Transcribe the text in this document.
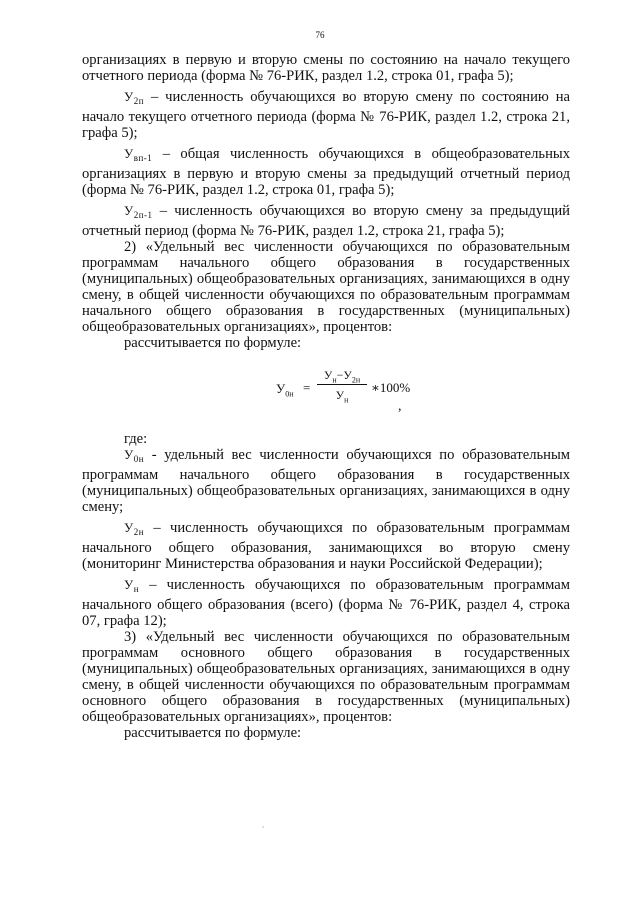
76

организациях в первую и вторую смены по состоянию на начало текущего отчетного периода (форма № 76-РИК, раздел 1.2, строка 01, графа 5);

$У_{2п}$ – численность обучающихся во вторую смену по состоянию на начало текущего отчетного периода (форма № 76-РИК, раздел 1.2, строка 21, графа 5);

$У_{вп-1}$ – общая численность обучающихся в общеобразовательных организациях в первую и вторую смены за предыдущий отчетный период (форма № 76-РИК, раздел 1.2, строка 01, графа 5);

$У_{2п-1}$ – численность обучающихся во вторую смену за предыдущий отчетный период (форма № 76-РИК, раздел 1.2, строка 21, графа 5);

2) «Удельный вес численности обучающихся по образовательным программам начального общего образования в государственных (муниципальных) общеобразовательных организациях, занимающихся в одну смену, в общей численности обучающихся по образовательным программам начального общего образования в государственных (муниципальных) общеобразовательных организациях», процентов:

рассчитывается по формуле:

$У_{0н}$ =
$У_н-У_{2н}$
$У_н$
∗100%
,

где:

$У_{0н}$ - удельный вес численности обучающихся по образовательным программам начального общего образования в государственных (муниципальных) общеобразовательных организациях, занимающихся в одну смену;

$У_{2н}$ – численность обучающихся по образовательным программам начального общего образования, занимающихся во вторую смену (мониторинг Министерства образования и науки Российской Федерации);

$У_н$ – численность обучающихся по образовательным программам начального общего образования (всего) (форма № 76-РИК, раздел 4, строка 07, графа 12);

3) «Удельный вес численности обучающихся по образовательным программам основного общего образования в государственных (муниципальных) общеобразовательных организациях, занимающихся в одну смену, в общей численности обучающихся по образовательным программам основного общего образования в государственных (муниципальных) общеобразовательных организациях», процентов:

рассчитывается по формуле:
